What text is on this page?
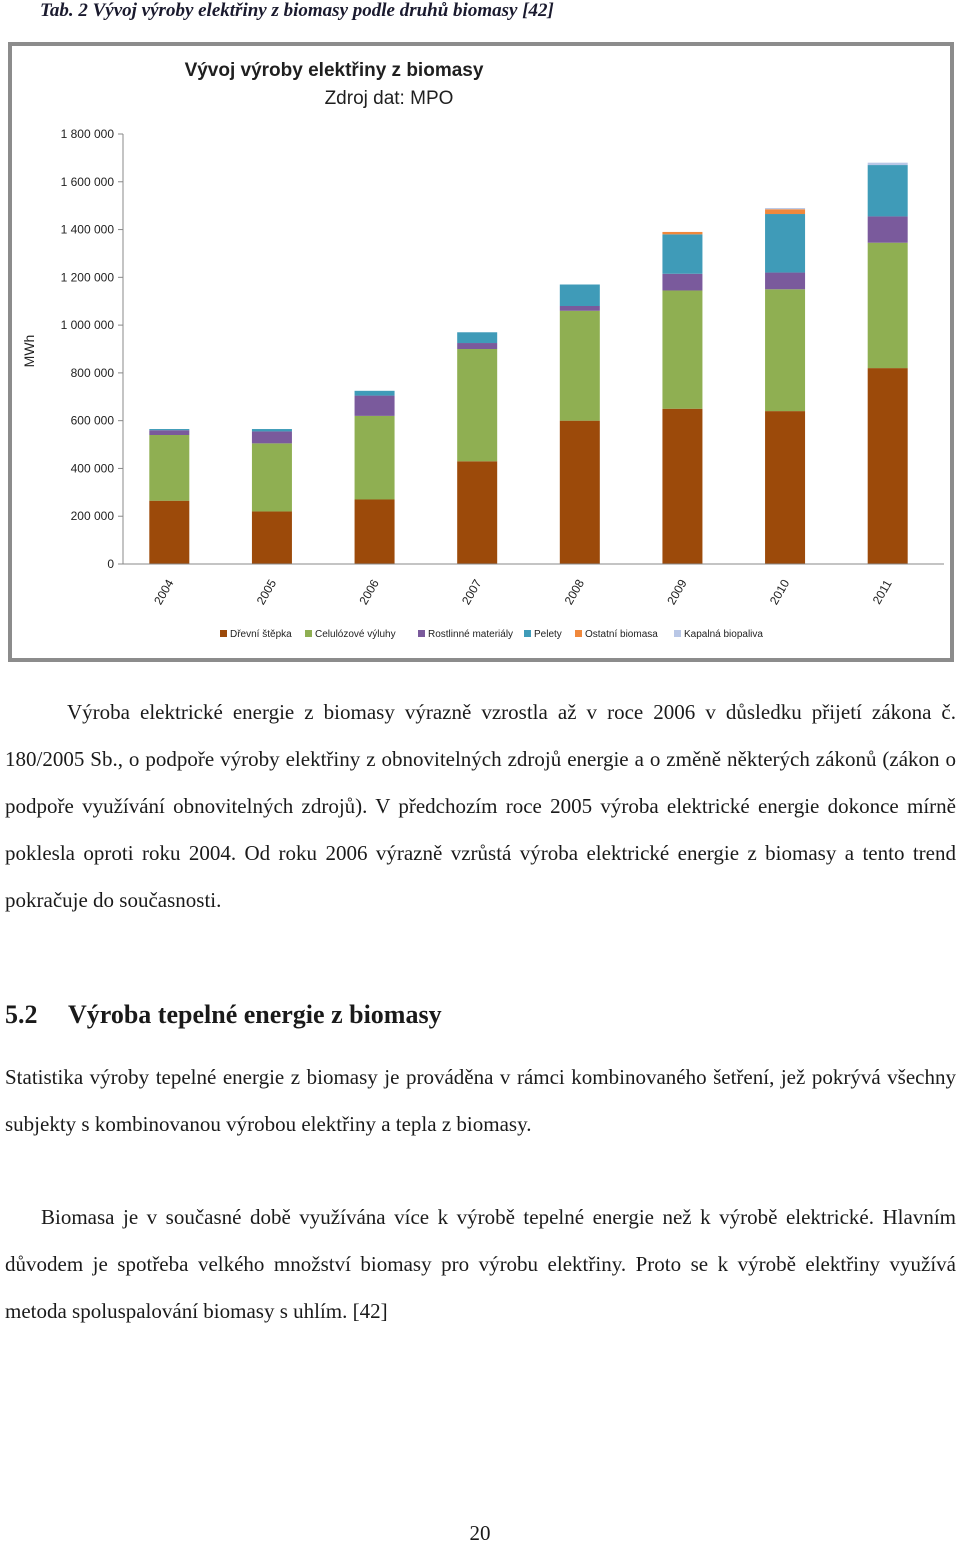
Tab. 2 Vývoj výroby elektřiny z biomasy podle druhů biomasy [42]
Vývoj výroby elektřiny z biomasy
Zdroj dat: MPO
MWh
0
200 000
400 000
600 000
800 000
1 000 000
1 200 000
1 400 000
1 600 000
1 800 000
2004	2005	2006	2007	2008	2009	2010	2011
Dřevní štěpka Celulózové výluhy	Rostlinné materiály Pelety Ostatní biomasa	Kapalná biopaliva

Výroba elektrické energie z biomasy výrazně vzrostla až v roce 2006 v důsledku přijetí zákona č. 180/2005 Sb., o podpoře výroby elektřiny z obnovitelných zdrojů energie a o změně některých zákonů (zákon o podpoře využívání obnovitelných zdrojů). V předchozím roce 2005 výroba elektrické energie dokonce mírně poklesla oproti roku 2004. Od roku 2006 výrazně vzrůstá výroba elektrické energie z biomasy a tento trend pokračuje do současnosti.

5.2 Výroba tepelné energie z biomasy

Statistika výroby tepelné energie z biomasy je prováděna v rámci kombinovaného šetření, jež pokrývá všechny subjekty s kombinovanou výrobou elektřiny a tepla z biomasy.

Biomasa je v současné době využívána více k výrobě tepelné energie než k výrobě elektrické. Hlavním důvodem je spotřeba velkého množství biomasy pro výrobu elektřiny. Proto se k výrobě elektřiny využívá metoda spoluspalování biomasy s uhlím. [42]

20
